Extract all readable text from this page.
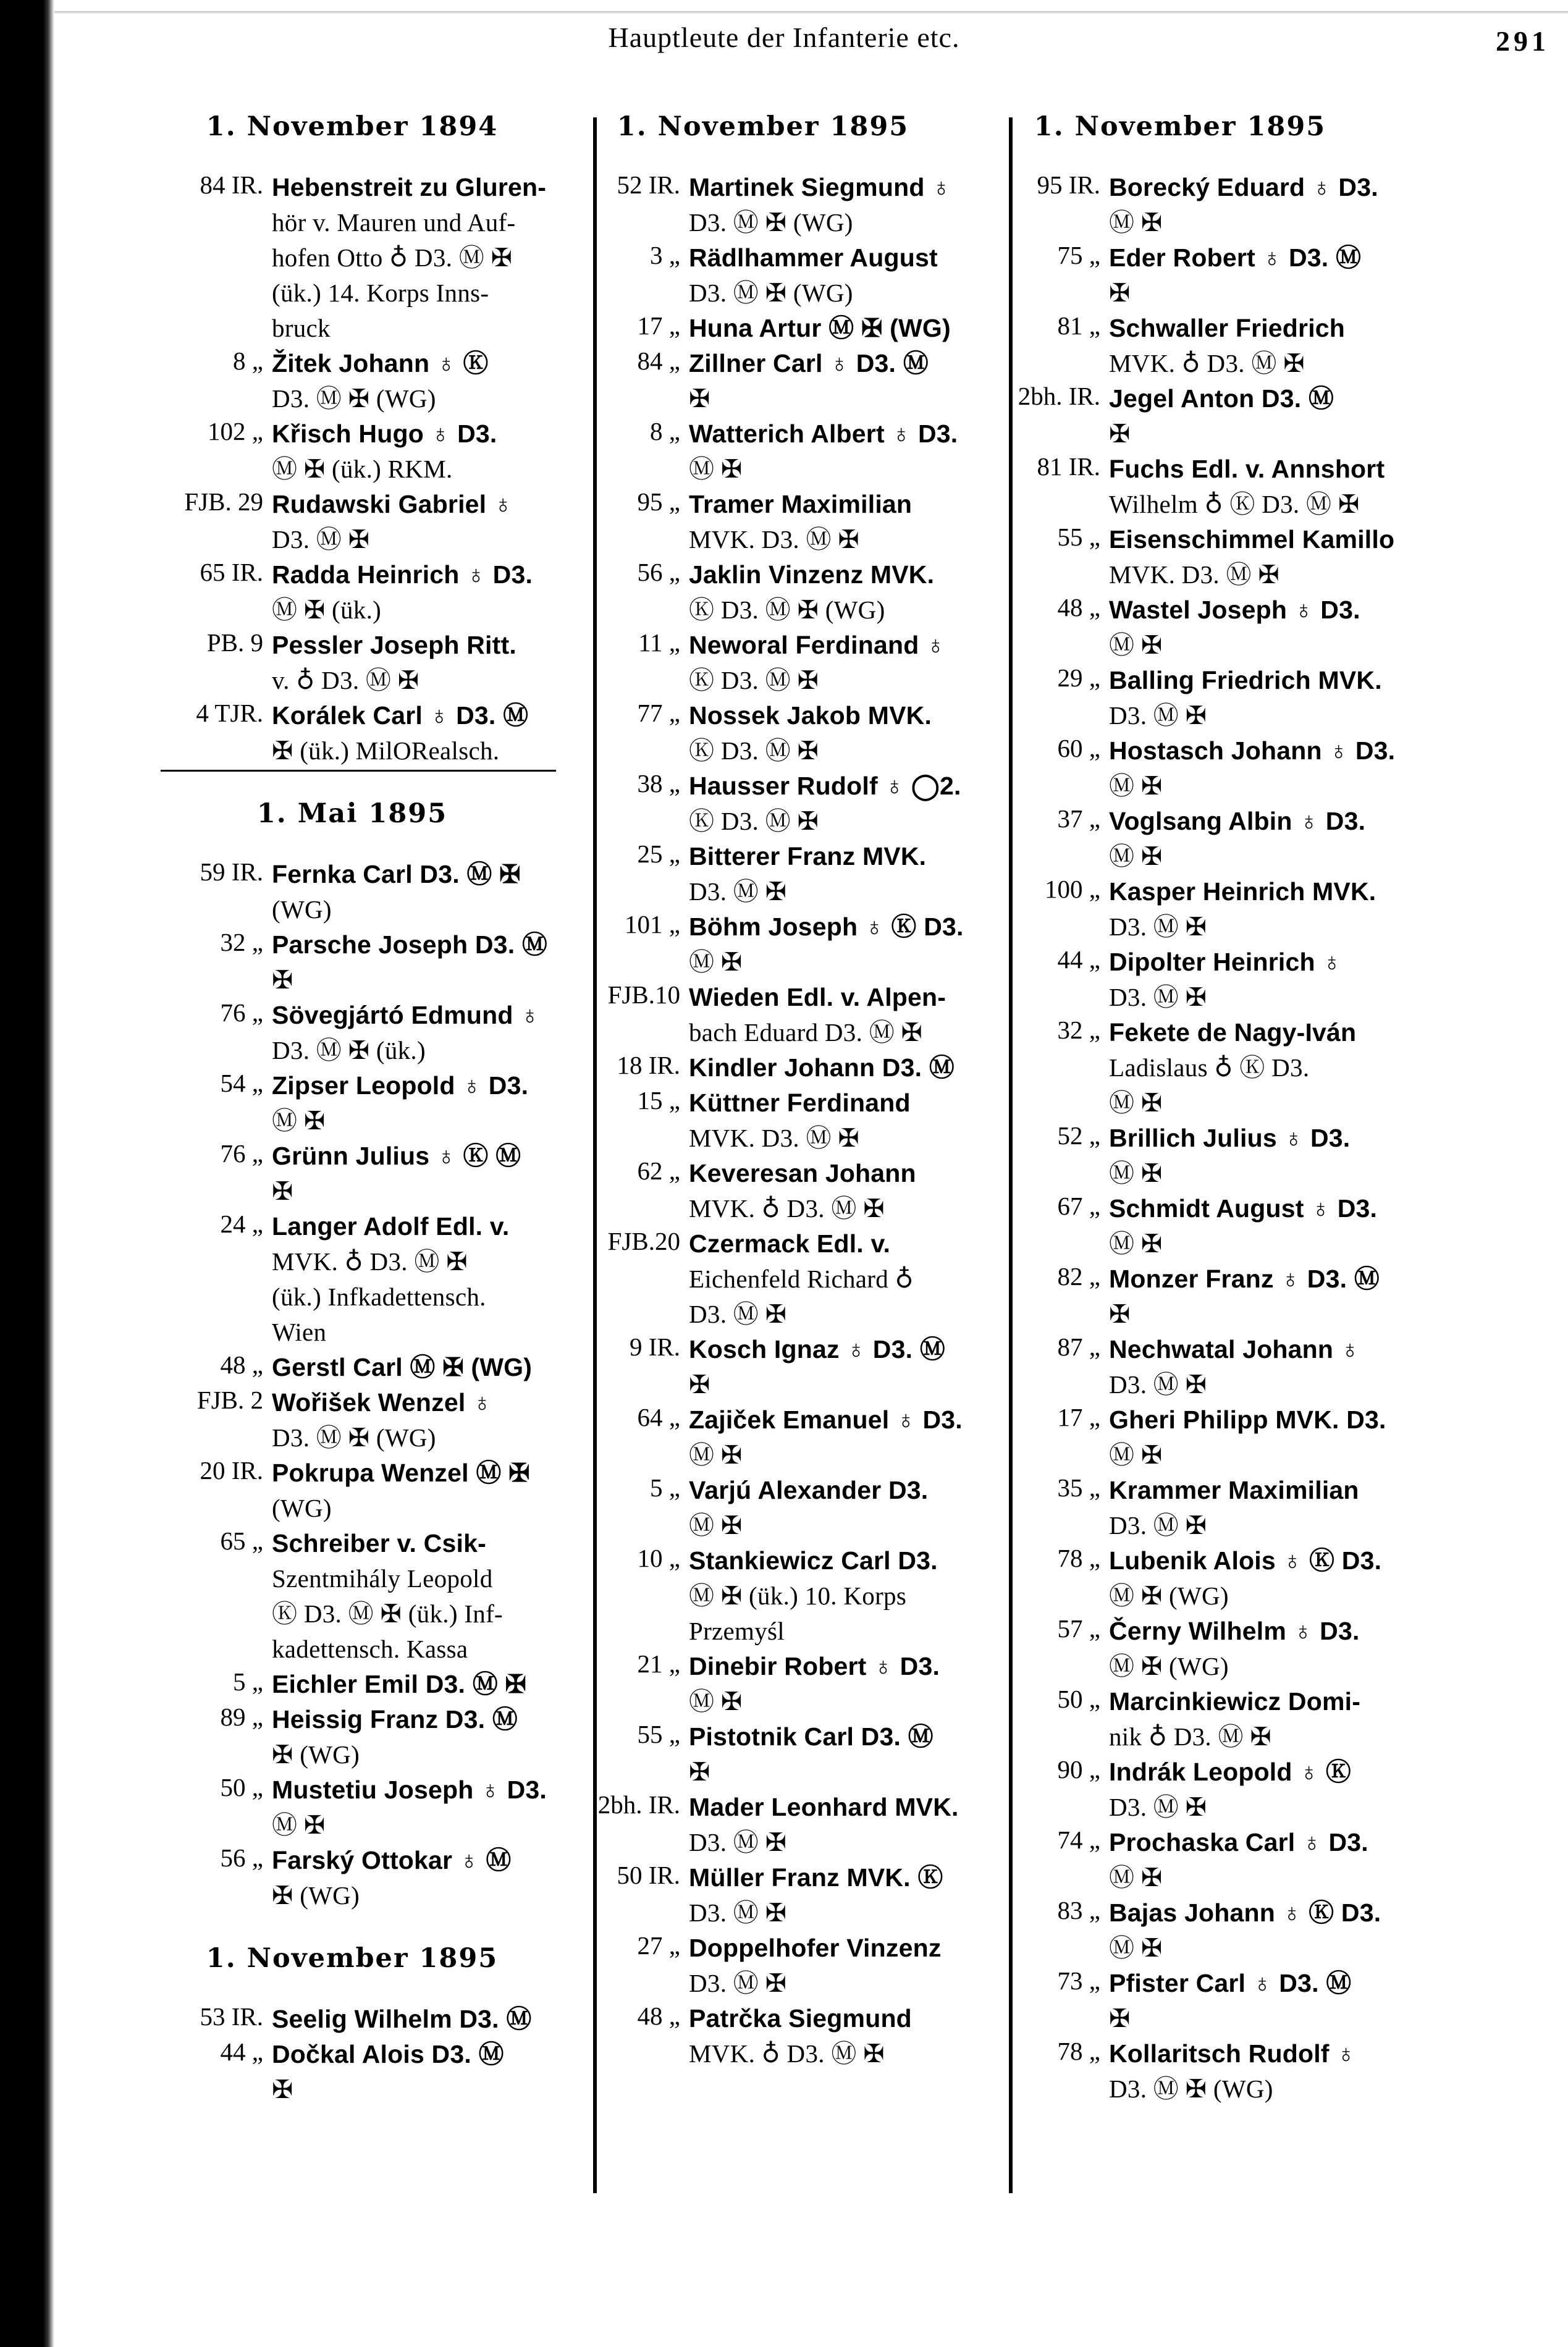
Hauptleute der Infanterie etc.	291
1. November 1894
84 IR. Hebenstreit zu Gluren-
hör v. Mauren und Auf-
hofen Otto ♁ D3. Ⓜ ✠
(ük.) 14. Korps Inns-
bruck
8 „ Žitek Johann ♁ Ⓚ
D3. Ⓜ ✠ (WG)
102 „ Křisch Hugo ♁ D3.
Ⓜ ✠ (ük.) RKM.
FJB. 29 Rudawski Gabriel ♁
D3. Ⓜ ✠
65 IR. Radda Heinrich ♁ D3.
Ⓜ ✠ (ük.)
PB. 9 Pessler Joseph Ritt.
v. ♁ D3. Ⓜ ✠
4 TJR. Korálek Carl ♁ D3. Ⓜ
✠ (ük.) MilORealsch.
1. Mai 1895
59 IR. Fernka Carl D3. Ⓜ ✠
(WG)
32 „ Parsche Joseph D3. Ⓜ
✠
76 „ Sövegjártó Edmund ♁
D3. Ⓜ ✠ (ük.)
54 „ Zipser Leopold ♁ D3.
Ⓜ ✠
76 „ Grünn Julius ♁ Ⓚ Ⓜ
✠
24 „ Langer Adolf Edl. v.
MVK. ♁ D3. Ⓜ ✠
(ük.) Infkadettensch.
Wien
48 „ Gerstl Carl Ⓜ ✠ (WG)
FJB. 2 Wořišek Wenzel ♁
D3. Ⓜ ✠ (WG)
20 IR. Pokrupa Wenzel Ⓜ ✠
(WG)
65 „ Schreiber v. Csik-
Szentmihály Leopold
Ⓚ D3. Ⓜ ✠ (ük.) Inf-
kadettensch. Kassa
5 „ Eichler Emil D3. Ⓜ ✠
89 „ Heissig Franz D3. Ⓜ
✠ (WG)
50 „ Mustetiu Joseph ♁ D3.
Ⓜ ✠
56 „ Farský Ottokar ♁ Ⓜ
✠ (WG)
1. November 1895
53 IR. Seelig Wilhelm D3. Ⓜ
44 „ Dočkal Alois D3. Ⓜ
✠
1. November 1895
52 IR. Martinek Siegmund ♁
D3. Ⓜ ✠ (WG)
3 „ Rädlhammer August
D3. Ⓜ ✠ (WG)
17 „ Huna Artur Ⓜ ✠ (WG)
84 „ Zillner Carl ♁ D3. Ⓜ
✠
8 „ Watterich Albert ♁ D3.
Ⓜ ✠
95 „ Tramer Maximilian
MVK. D3. Ⓜ ✠
56 „ Jaklin Vinzenz MVK.
Ⓚ D3. Ⓜ ✠ (WG)
11 „ Neworal Ferdinand ♁
Ⓚ D3. Ⓜ ✠
77 „ Nossek Jakob MVK.
Ⓚ D3. Ⓜ ✠
38 „ Hausser Rudolf ♁ ◯2.
Ⓚ D3. Ⓜ ✠
25 „ Bitterer Franz MVK.
D3. Ⓜ ✠
101 „ Böhm Joseph ♁ Ⓚ D3.
Ⓜ ✠
FJB.10 Wieden Edl. v. Alpen-
bach Eduard D3. Ⓜ ✠
18 IR. Kindler Johann D3. Ⓜ
15 „ Küttner Ferdinand
MVK. D3. Ⓜ ✠
62 „ Keveresan Johann
MVK. ♁ D3. Ⓜ ✠
FJB.20 Czermack Edl. v.
Eichenfeld Richard ♁
D3. Ⓜ ✠
9 IR. Kosch Ignaz ♁ D3. Ⓜ
✠
64 „ Zajiček Emanuel ♁ D3.
Ⓜ ✠
5 „ Varjú Alexander D3.
Ⓜ ✠
10 „ Stankiewicz Carl D3.
Ⓜ ✠ (ük.) 10. Korps
Przemyśl
21 „ Dinebir Robert ♁ D3.
Ⓜ ✠
55 „ Pistotnik Carl D3. Ⓜ
✠
2bh. IR. Mader Leonhard MVK.
D3. Ⓜ ✠
50 IR. Müller Franz MVK. Ⓚ
D3. Ⓜ ✠
27 „ Doppelhofer Vinzenz
D3. Ⓜ ✠
48 „ Patrčka Siegmund
MVK. ♁ D3. Ⓜ ✠
1. November 1895
95 IR. Borecký Eduard ♁ D3.
Ⓜ ✠
75 „ Eder Robert ♁ D3. Ⓜ
✠
81 „ Schwaller Friedrich
MVK. ♁ D3. Ⓜ ✠
2bh. IR. Jegel Anton D3. Ⓜ
✠
81 IR. Fuchs Edl. v. Annshort
Wilhelm ♁ Ⓚ D3. Ⓜ ✠
55 „ Eisenschimmel Kamillo
MVK. D3. Ⓜ ✠
48 „ Wastel Joseph ♁ D3.
Ⓜ ✠
29 „ Balling Friedrich MVK.
D3. Ⓜ ✠
60 „ Hostasch Johann ♁ D3.
Ⓜ ✠
37 „ Voglsang Albin ♁ D3.
Ⓜ ✠
100 „ Kasper Heinrich MVK.
D3. Ⓜ ✠
44 „ Dipolter Heinrich ♁
D3. Ⓜ ✠
32 „ Fekete de Nagy-Iván
Ladislaus ♁ Ⓚ D3.
Ⓜ ✠
52 „ Brillich Julius ♁ D3.
Ⓜ ✠
67 „ Schmidt August ♁ D3.
Ⓜ ✠
82 „ Monzer Franz ♁ D3. Ⓜ
✠
87 „ Nechwatal Johann ♁
D3. Ⓜ ✠
17 „ Gheri Philipp MVK. D3.
Ⓜ ✠
35 „ Krammer Maximilian
D3. Ⓜ ✠
78 „ Lubenik Alois ♁ Ⓚ D3.
Ⓜ ✠ (WG)
57 „ Černy Wilhelm ♁ D3.
Ⓜ ✠ (WG)
50 „ Marcinkiewicz Domi-
nik ♁ D3. Ⓜ ✠
90 „ Indrák Leopold ♁ Ⓚ
D3. Ⓜ ✠
74 „ Prochaska Carl ♁ D3.
Ⓜ ✠
83 „ Bajas Johann ♁ Ⓚ D3.
Ⓜ ✠
73 „ Pfister Carl ♁ D3. Ⓜ
✠
78 „ Kollaritsch Rudolf ♁
D3. Ⓜ ✠ (WG)
